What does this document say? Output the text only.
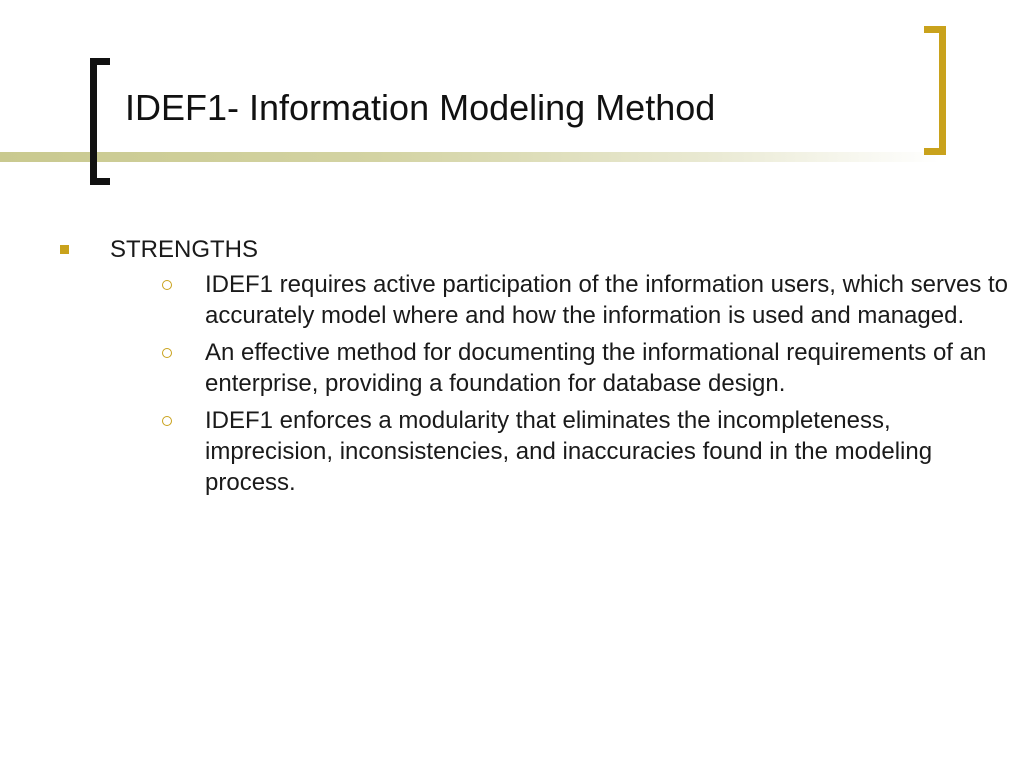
IDEF1- Information Modeling Method
STRENGTHS
IDEF1 requires active participation of the information users, which serves to accurately model where and how the information is used and managed.
An effective method for documenting the informational requirements of an enterprise, providing a foundation for database design.
IDEF1 enforces a modularity that eliminates the incompleteness, imprecision, inconsistencies, and inaccuracies found in the modeling process.
